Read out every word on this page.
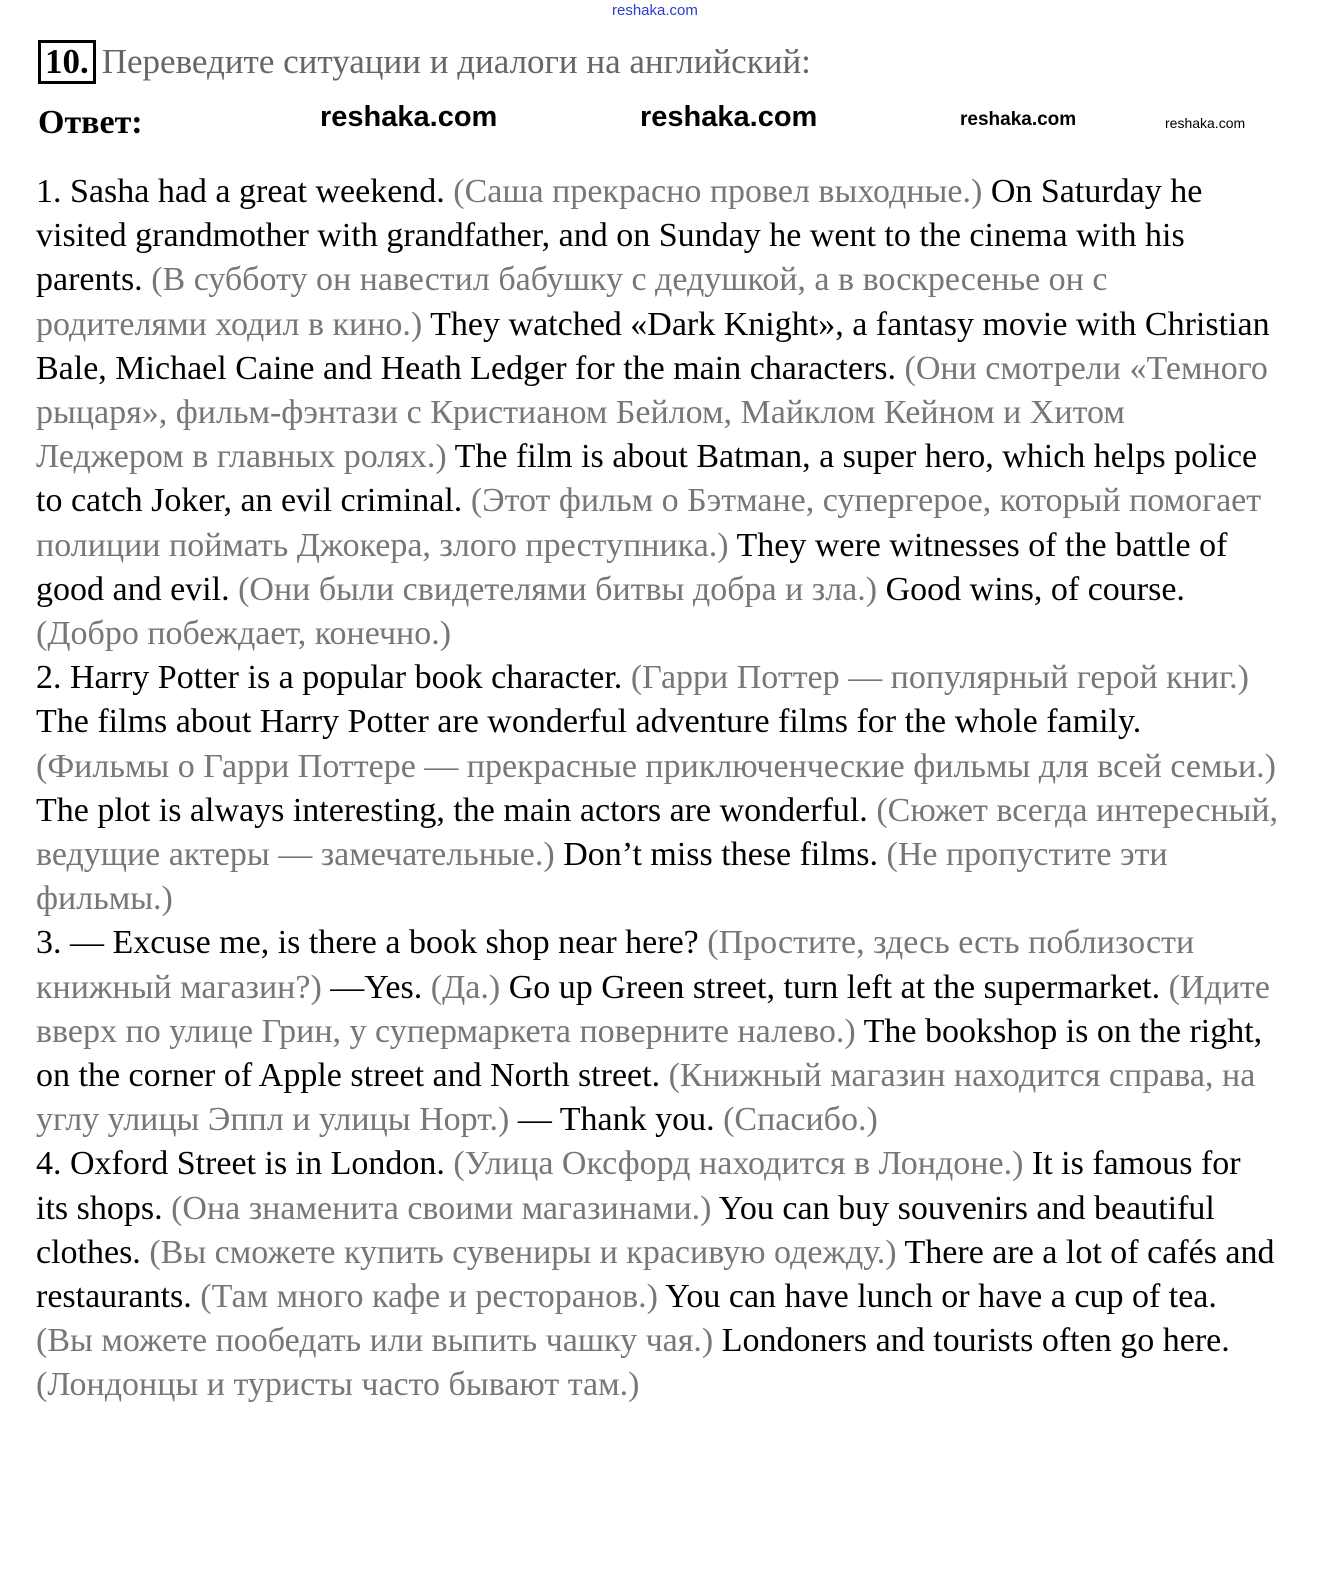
reshaka.com
10. Переведите ситуации и диалоги на английский:
Ответ:

1. Sasha had a great weekend. (Саша прекрасно провел выходные.) On Saturday he visited grandmother with grandfather, and on Sunday he went to the cinema with his parents. (В субботу он навестил бабушку с дедушкой, а в воскресенье он с родителями ходил в кино.) They watched «Dark Knight», a fantasy movie with Christian Bale, Michael Caine and Heath Ledger for the main characters. (Они смотрели «Темного рыцаря», фильм-фэнтази с Кристианом Бейлом, Майклом Кейном и Хитом Леджером в главных ролях.) The film is about Batman, a super hero, which helps police to catch Joker, an evil criminal. (Этот фильм о Бэтмане, супергерое, который помогает полиции поймать Джокера, злого преступника.) They were witnesses of the battle of good and evil. (Они были свидетелями битвы добра и зла.) Good wins, of course. (Добро побеждает, конечно.)

2. Harry Potter is a popular book character. (Гарри Поттер — популярный герой книг.) The films about Harry Potter are wonderful adventure films for the whole family. (Фильмы о Гарри Поттере — прекрасные приключенческие фильмы для всей семьи.) The plot is always interesting, the main actors are wonderful. (Сюжет всегда интересный, ведущие актеры — замечательные.) Don’t miss these films. (Не пропустите эти фильмы.)

3. — Excuse me, is there a book shop near here? (Простите, здесь есть поблизости книжный магазин?) —Yes. (Да.) Go up Green street, turn left at the supermarket. (Идите вверх по улице Грин, у супермаркета поверните налево.) The bookshop is on the right, on the corner of Apple street and North street. (Книжный магазин находится справа, на углу улицы Эппл и улицы Норт.) — Thank you. (Спасибо.)

4. Oxford Street is in London. (Улица Оксфорд находится в Лондоне.) It is famous for its shops. (Она знаменита своими магазинами.) You can buy souvenirs and beautiful clothes. (Вы сможете купить сувениры и красивую одежду.) There are a lot of cafés and restaurants. (Там много кафе и ресторанов.) You can have lunch or have a cup of tea. (Вы можете пообедать или выпить чашку чая.) Londoners and tourists often go here. (Лондонцы и туристы часто бывают там.)

reshaka.com	reshaka.com	reshaka.com	reshaka.com
